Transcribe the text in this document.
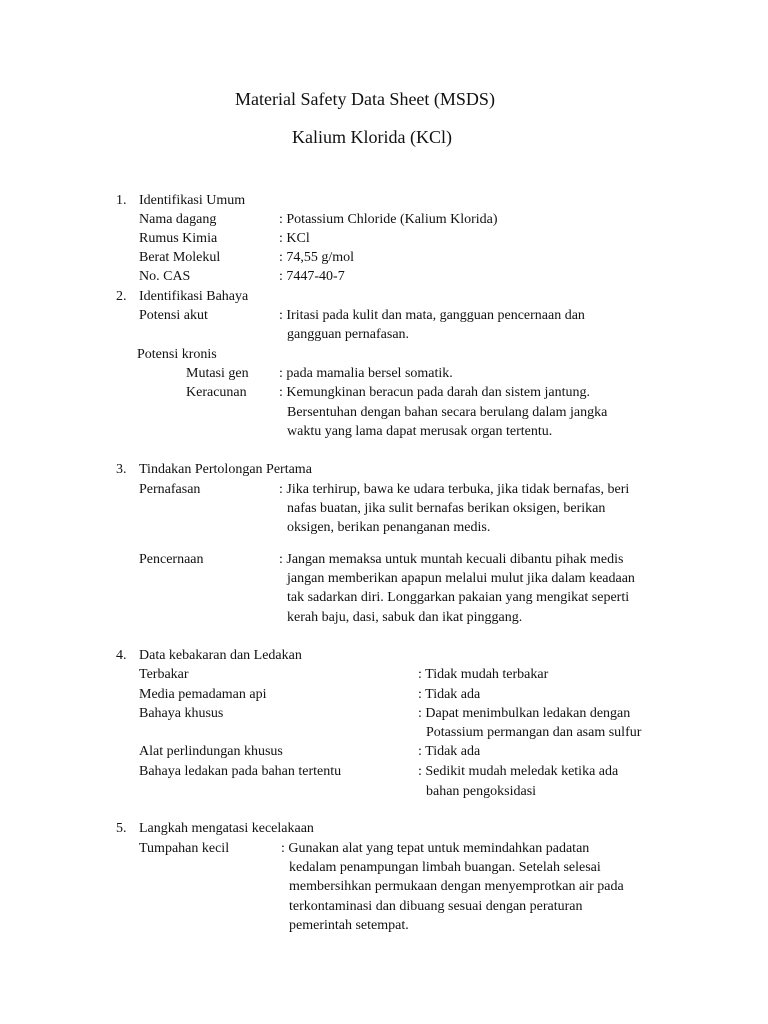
Material Safety Data Sheet (MSDS)
Kalium Klorida (KCl)
1. Identifikasi Umum
Nama dagang	: Potassium Chloride (Kalium Klorida)
Rumus Kimia	: KCl
Berat Molekul	: 74,55 g/mol
No. CAS	: 7447-40-7
2. Identifikasi Bahaya
Potensi akut	: Iritasi pada kulit dan mata, gangguan pencernaan dan
gangguan pernafasan.
Potensi kronis
Mutasi gen : pada mamalia bersel somatik.
Keracunan : Kemungkinan beracun pada darah dan sistem jantung.
Bersentuhan dengan bahan secara berulang dalam jangka
waktu yang lama dapat merusak organ tertentu.
3. Tindakan Pertolongan Pertama
Pernafasan	: Jika terhirup, bawa ke udara terbuka, jika tidak bernafas, beri
nafas buatan, jika sulit bernafas berikan oksigen, berikan
oksigen, berikan penanganan medis.
Pencernaan	: Jangan memaksa untuk muntah kecuali dibantu pihak medis
jangan memberikan apapun melalui mulut jika dalam keadaan
tak sadarkan diri. Longgarkan pakaian yang mengikat seperti
kerah baju, dasi, sabuk dan ikat pinggang.
4. Data kebakaran dan Ledakan
Terbakar	: Tidak mudah terbakar
Media pemadaman api	: Tidak ada
Bahaya khusus	: Dapat menimbulkan ledakan dengan
Potassium permangan dan asam sulfur
Alat perlindungan khusus	: Tidak ada
Bahaya ledakan pada bahan tertentu	: Sedikit mudah meledak ketika ada
bahan pengoksidasi
5. Langkah mengatasi kecelakaan
Tumpahan kecil	: Gunakan alat yang tepat untuk memindahkan padatan
kedalam penampungan limbah buangan. Setelah selesai
membersihkan permukaan dengan menyemprotkan air pada
terkontaminasi dan dibuang sesuai dengan peraturan
pemerintah setempat.
